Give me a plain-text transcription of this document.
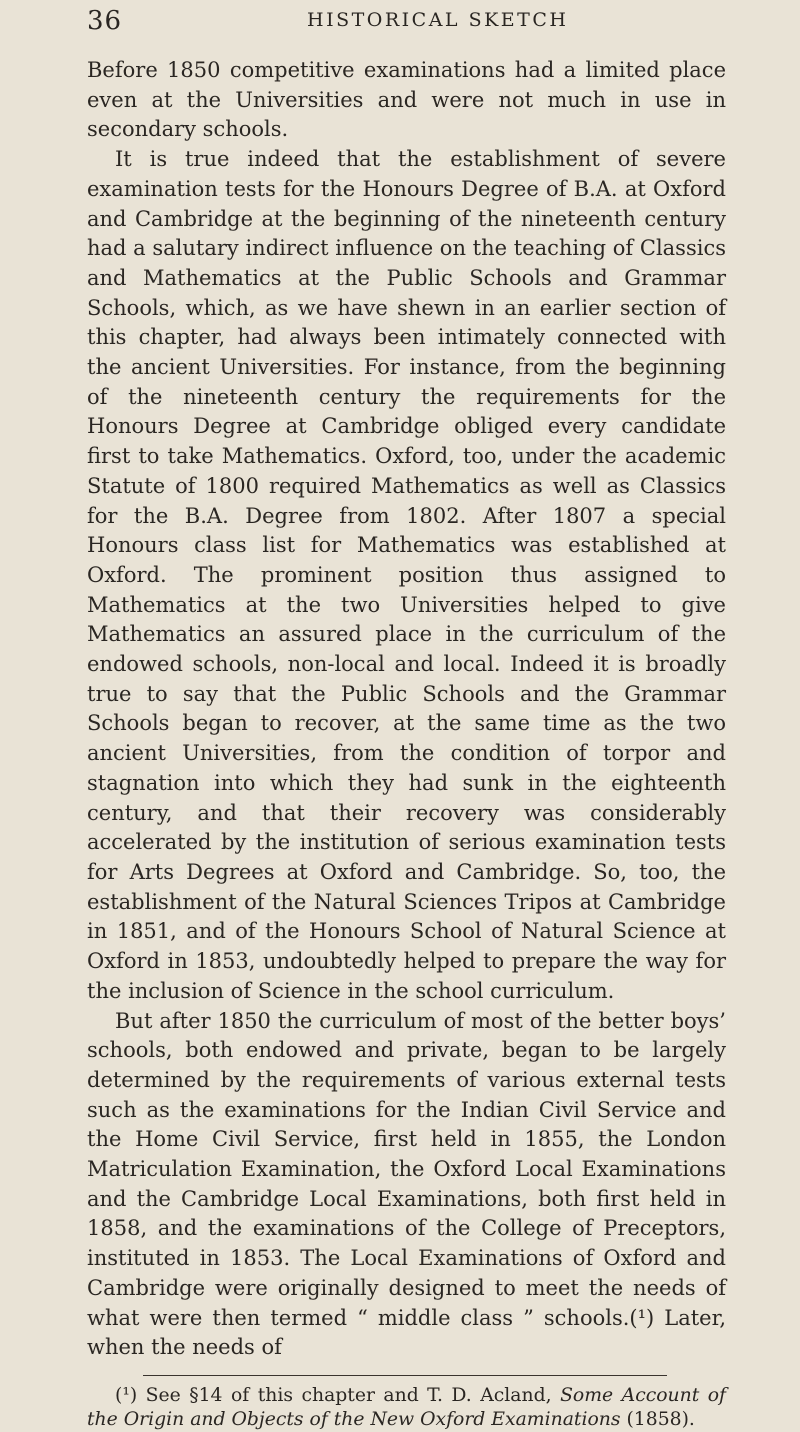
36	HISTORICAL SKETCH

Before 1850 competitive examinations had a limited place even at the Universities and were not much in use in secondary schools.

It is true indeed that the establishment of severe examination tests for the Honours Degree of B.A. at Oxford and Cambridge at the beginning of the nineteenth century had a salutary indirect influence on the teaching of Classics and Mathematics at the Public Schools and Grammar Schools, which, as we have shewn in an earlier section of this chapter, had always been intimately connected with the ancient Universities. For instance, from the beginning of the nineteenth century the requirements for the Honours Degree at Cambridge obliged every candidate first to take Mathematics. Oxford, too, under the academic Statute of 1800 required Mathematics as well as Classics for the B.A. Degree from 1802. After 1807 a special Honours class list for Mathematics was established at Oxford. The prominent position thus assigned to Mathematics at the two Universities helped to give Mathematics an assured place in the curriculum of the endowed schools, non-local and local. Indeed it is broadly true to say that the Public Schools and the Grammar Schools began to recover, at the same time as the two ancient Universities, from the condition of torpor and stagnation into which they had sunk in the eighteenth century, and that their recovery was considerably accelerated by the institution of serious examination tests for Arts Degrees at Oxford and Cambridge. So, too, the establishment of the Natural Sciences Tripos at Cambridge in 1851, and of the Honours School of Natural Science at Oxford in 1853, undoubtedly helped to prepare the way for the inclusion of Science in the school curriculum.

But after 1850 the curriculum of most of the better boys’ schools, both endowed and private, began to be largely determined by the requirements of various external tests such as the examinations for the Indian Civil Service and the Home Civil Service, first held in 1855, the London Matriculation Examination, the Oxford Local Examinations and the Cambridge Local Examinations, both first held in 1858, and the examinations of the College of Preceptors, instituted in 1853. The Local Examinations of Oxford and Cambridge were originally designed to meet the needs of what were then termed “ middle class ” schools.(¹) Later, when the needs of

(¹) See §14 of this chapter and T. D. Acland, Some Account of the Origin and Objects of the New Oxford Examinations (1858).
